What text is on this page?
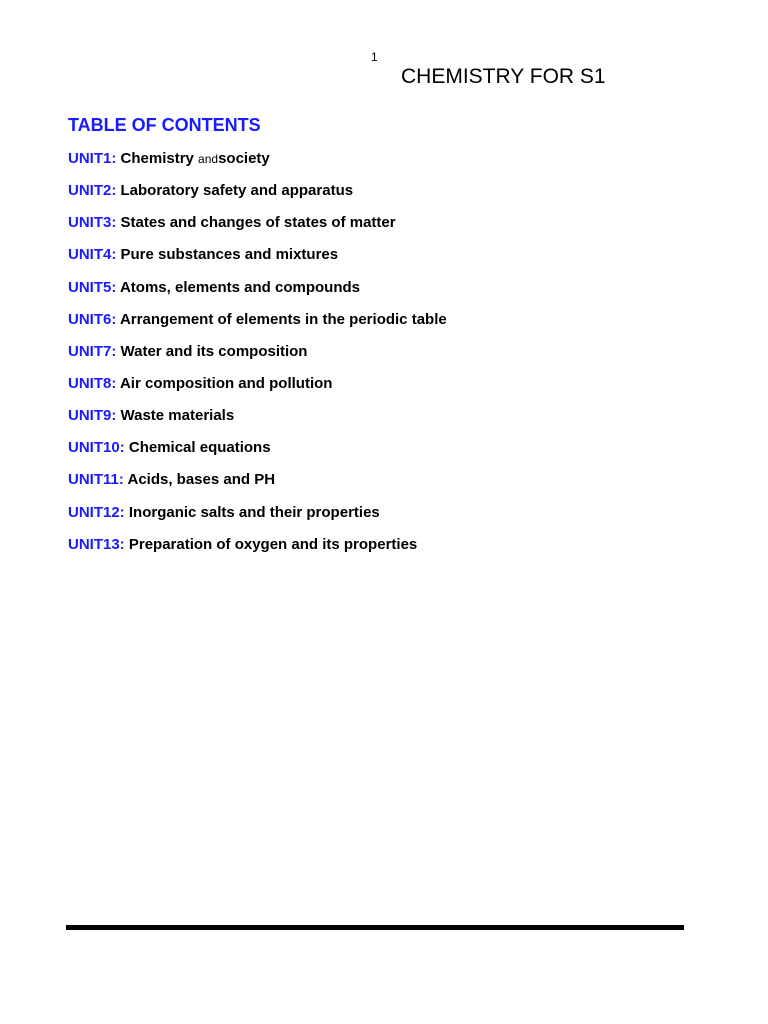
1
CHEMISTRY FOR S1
TABLE OF CONTENTS
UNIT1: Chemistry andsociety
UNIT2: Laboratory safety and apparatus
UNIT3: States and changes of states of matter
UNIT4: Pure substances and mixtures
UNIT5: Atoms, elements and compounds
UNIT6: Arrangement of elements in the periodic table
UNIT7: Water and its composition
UNIT8: Air composition and pollution
UNIT9: Waste materials
UNIT10: Chemical equations
UNIT11: Acids, bases and PH
UNIT12: Inorganic salts and their properties
UNIT13: Preparation of oxygen and its properties
